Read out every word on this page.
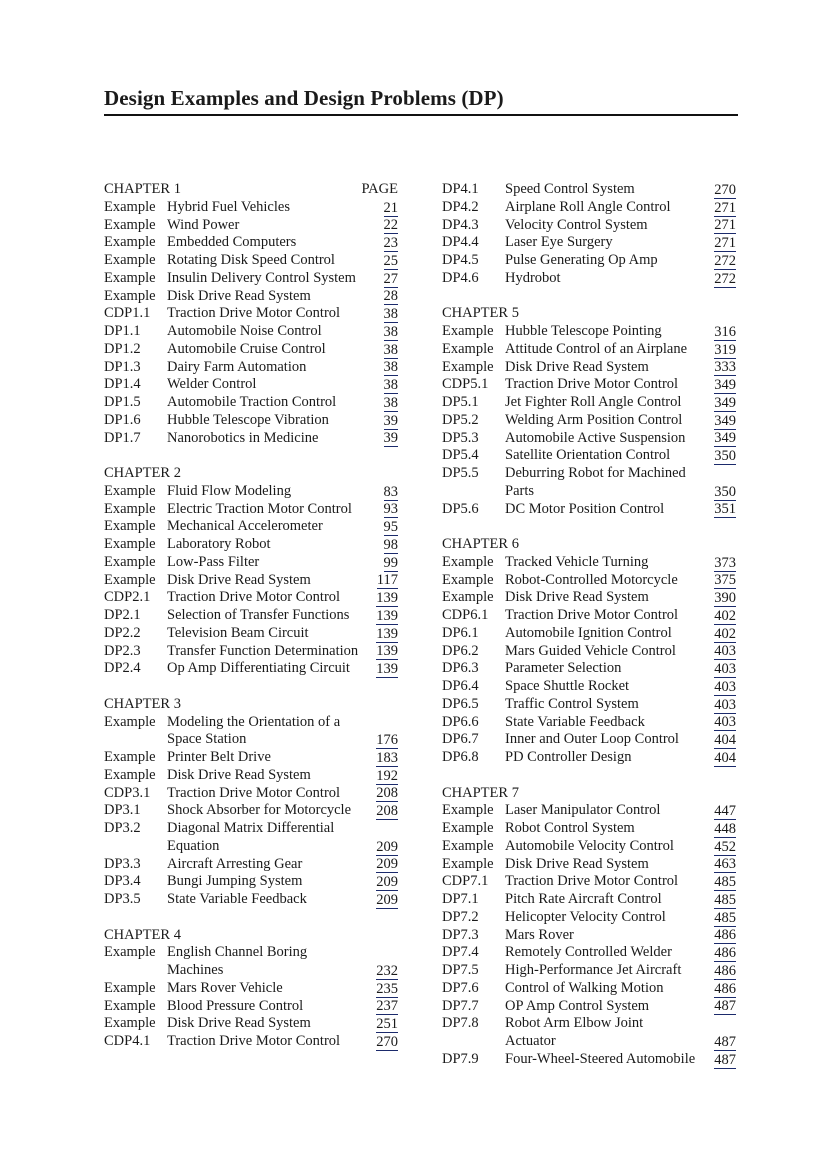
Design Examples and Design Problems (DP)
CHAPTER 1	PAGE
Example Hybrid Fuel Vehicles	21
Example Wind Power	22
Example Embedded Computers	23
Example Rotating Disk Speed Control	25
Example Insulin Delivery Control System 27
Example Disk Drive Read System	28
CDP1.1 Traction Drive Motor Control	38
DP1.1 Automobile Noise Control	38
DP1.2 Automobile Cruise Control	38
DP1.3 Dairy Farm Automation	38
DP1.4 Welder Control	38
DP1.5 Automobile Traction Control	38
DP1.6 Hubble Telescope Vibration	39
DP1.7 Nanorobotics in Medicine	39
CHAPTER 2
Example Fluid Flow Modeling	83
Example Electric Traction Motor Control	93
Example Mechanical Accelerometer	95
Example Laboratory Robot	98
Example Low-Pass Filter	99
Example Disk Drive Read System	117
CDP2.1 Traction Drive Motor Control	139
DP2.1 Selection of Transfer Functions	139
DP2.2 Television Beam Circuit	139
DP2.3 Transfer Function Determination 139
DP2.4 Op Amp Differentiating Circuit	139
CHAPTER 3
Example Modeling the Orientation of a
Space Station	176
Example Printer Belt Drive	183
Example Disk Drive Read System	192
CDP3.1 Traction Drive Motor Control	208
DP3.1 Shock Absorber for Motorcycle	208
DP3.2 Diagonal Matrix Differential
Equation	209
DP3.3 Aircraft Arresting Gear	209
DP3.4 Bungi Jumping System	209
DP3.5 State Variable Feedback	209
CHAPTER 4
Example English Channel Boring
Machines	232
Example Mars Rover Vehicle	235
Example Blood Pressure Control	237
Example Disk Drive Read System	251
CDP4.1 Traction Drive Motor Control	270
DP4.1 Speed Control System	270
DP4.2 Airplane Roll Angle Control	271
DP4.3 Velocity Control System	271
DP4.4 Laser Eye Surgery	271
DP4.5 Pulse Generating Op Amp	272
DP4.6 Hydrobot	272
CHAPTER 5
Example Hubble Telescope Pointing	316
Example Attitude Control of an Airplane	319
Example Disk Drive Read System	333
CDP5.1 Traction Drive Motor Control	349
DP5.1 Jet Fighter Roll Angle Control	349
DP5.2 Welding Arm Position Control	349
DP5.3 Automobile Active Suspension	349
DP5.4 Satellite Orientation Control	350
DP5.5 Deburring Robot for Machined
Parts	350
DP5.6 DC Motor Position Control	351
CHAPTER 6
Example Tracked Vehicle Turning	373
Example Robot-Controlled Motorcycle	375
Example Disk Drive Read System	390
CDP6.1 Traction Drive Motor Control	402
DP6.1 Automobile Ignition Control	402
DP6.2 Mars Guided Vehicle Control	403
DP6.3 Parameter Selection	403
DP6.4 Space Shuttle Rocket	403
DP6.5 Traffic Control System	403
DP6.6 State Variable Feedback	403
DP6.7 Inner and Outer Loop Control	404
DP6.8 PD Controller Design	404
CHAPTER 7
Example Laser Manipulator Control	447
Example Robot Control System	448
Example Automobile Velocity Control	452
Example Disk Drive Read System	463
CDP7.1 Traction Drive Motor Control	485
DP7.1 Pitch Rate Aircraft Control	485
DP7.2 Helicopter Velocity Control	485
DP7.3 Mars Rover	486
DP7.4 Remotely Controlled Welder	486
DP7.5 High-Performance Jet Aircraft	486
DP7.6 Control of Walking Motion	486
DP7.7 OP Amp Control System	487
DP7.8 Robot Arm Elbow Joint
Actuator	487
DP7.9 Four-Wheel-Steered Automobile 487
